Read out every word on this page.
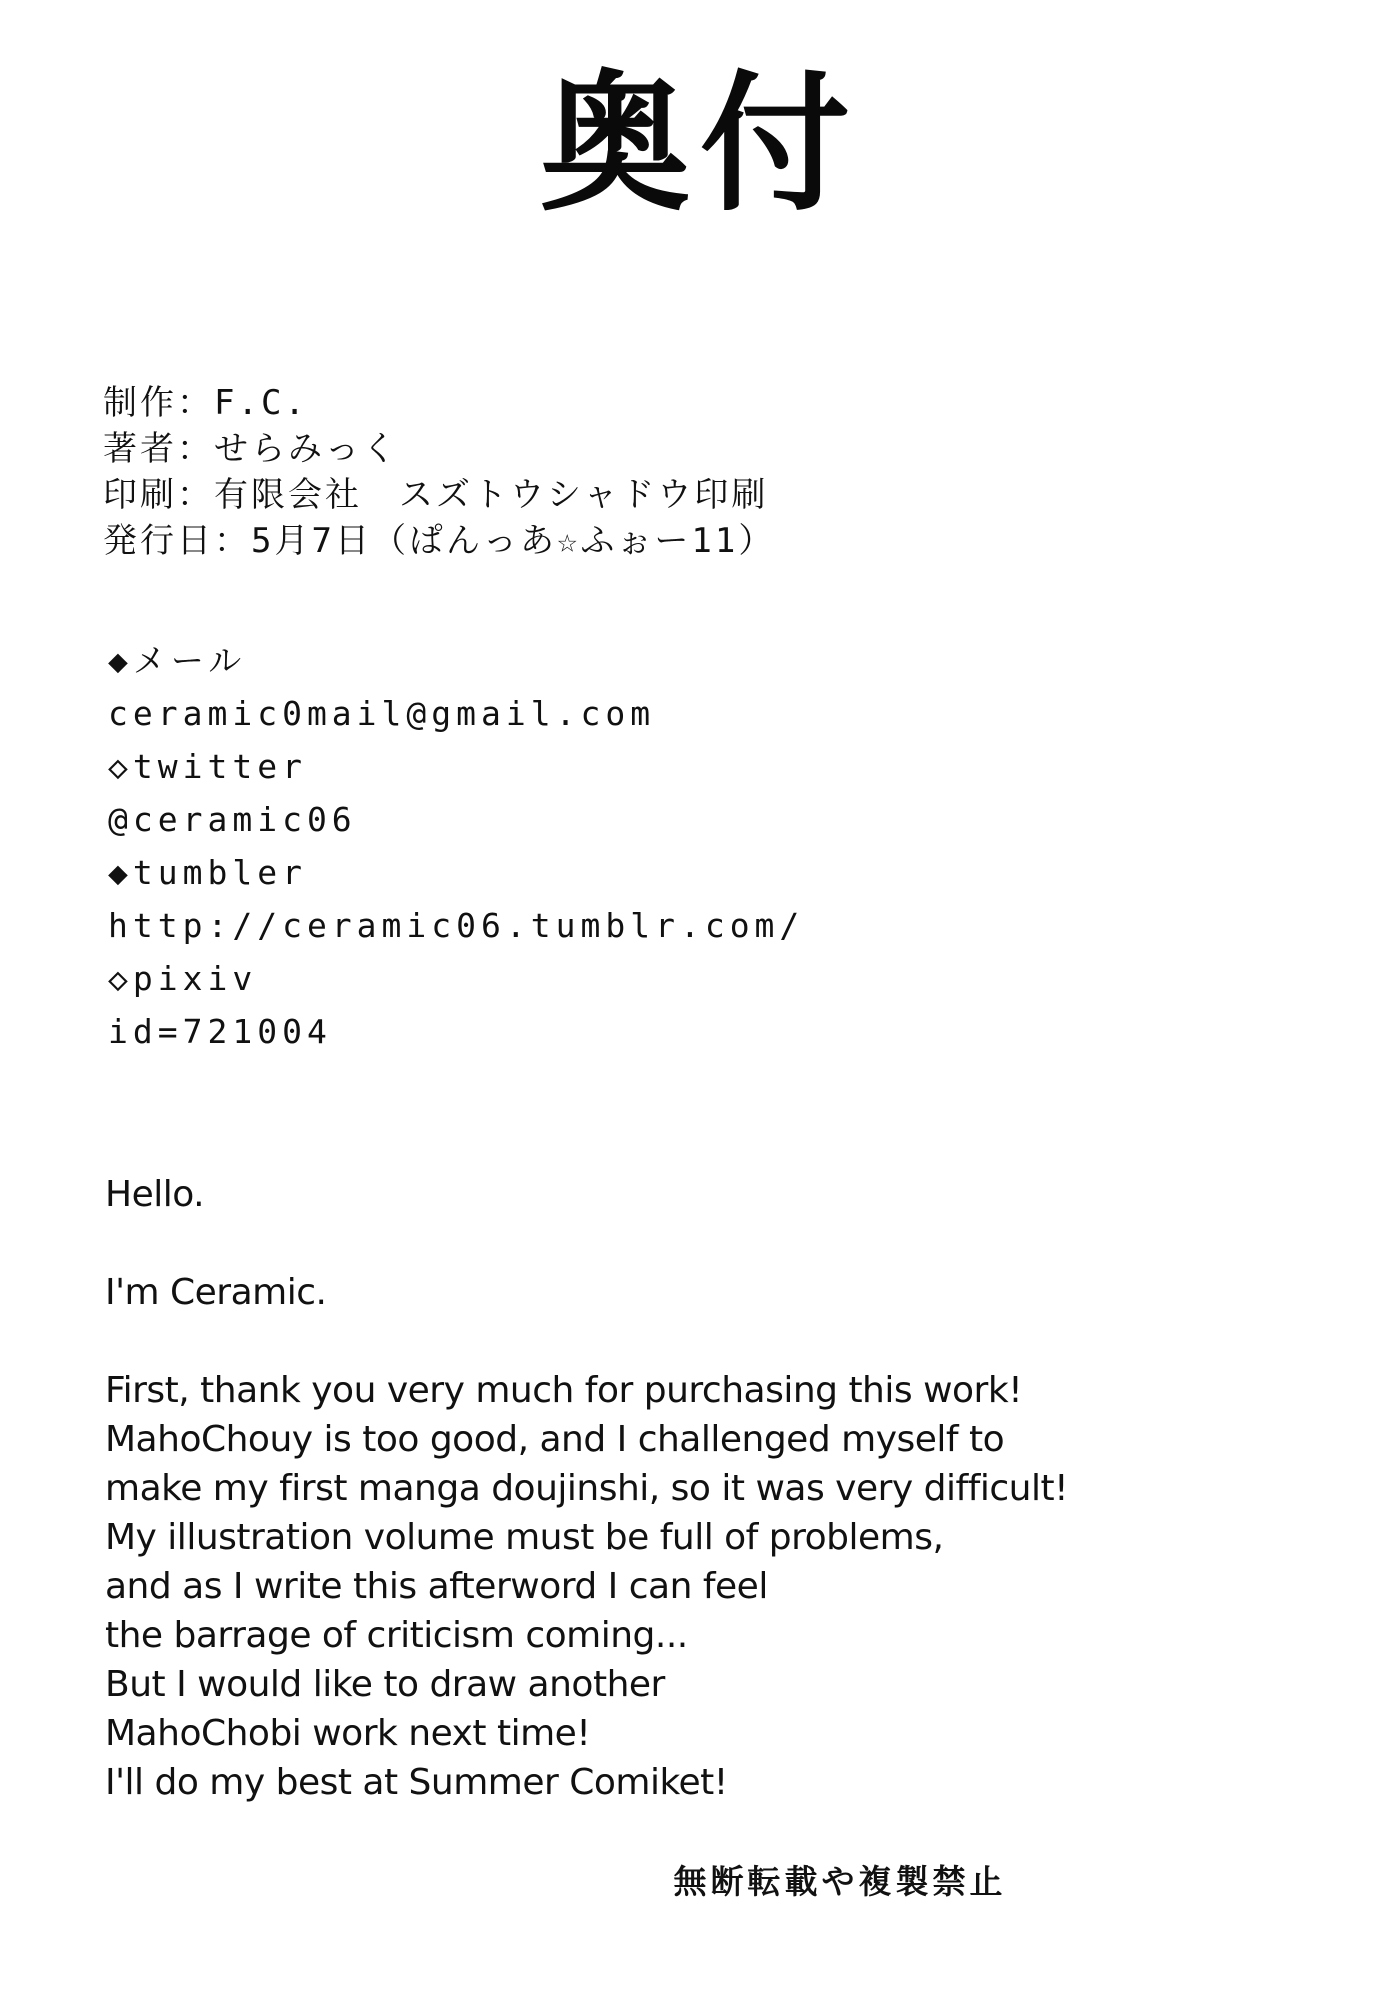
奥付
制作：F.C.
著者：せらみっく
印刷：有限会社　スズトウシャドウ印刷
発行日：5月7日（ぱんっあ☆ふぉー11）
◆メール
ceramic0mail@gmail.com
◇twitter
@ceramic06
◆tumbler
http://ceramic06.tumblr.com/
◇pixiv
id=721004
Hello.
I'm Ceramic.
First, thank you very much for purchasing this work!
MahoChouy is too good, and I challenged myself to
make my first manga doujinshi, so it was very difficult!
My illustration volume must be full of problems,
and as I write this afterword I can feel
the barrage of criticism coming...
But I would like to draw another
MahoChobi work next time!
I'll do my best at Summer Comiket!
無断転載や複製禁止
